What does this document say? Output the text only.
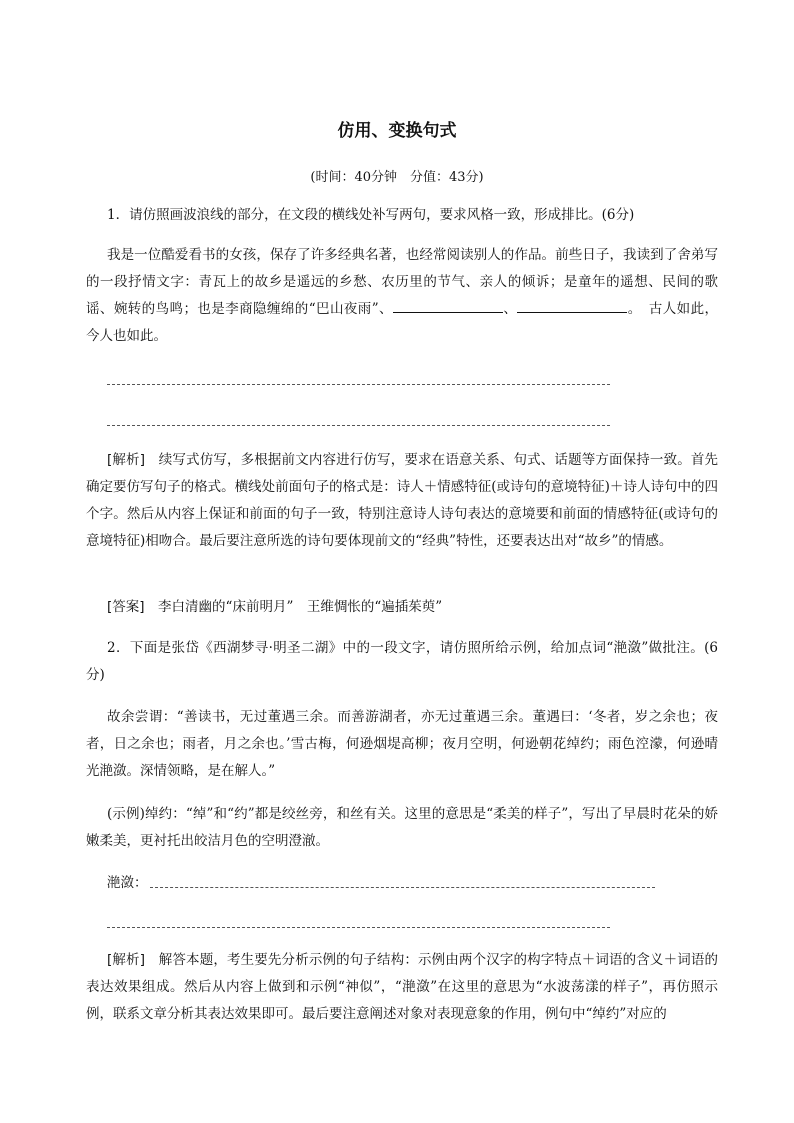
仿用、变换句式
(时间：40分钟　分值：43分)
1．请仿照画波浪线的部分，在文段的横线处补写两句，要求风格一致，形成排比。(6分)
我是一位酷爱看书的女孩，保存了许多经典名著，也经常阅读别人的作品。前些日子，我读到了舍弟写的一段抒情文字：青瓦上的故乡是遥远的乡愁、农历里的节气、亲人的倾诉；是童年的遥想、民间的歌谣、婉转的鸟鸣；也是李商隐缠绵的“巴山夜雨”、	、	。　古人如此，今人也如此。
[解析]　 续写式仿写，多根据前文内容进行仿写，要求在语意关系、句式、话题等方面保持一致。首先确定要仿写句子的格式。横线处前面句子的格式是：诗人＋情感特征(或诗句的意境特征)＋诗人诗句中的四个字。然后从内容上保证和前面的句子一致，特别注意诗人诗句表达的意境要和前面的情感特征(或诗句的意境特征)相吻合。最后要注意所选的诗句要体现前文的“经典”特性，还要表达出对“故乡”的情感。
[答案]　 李白清幽的“床前明月”　王维惆怅的“遍插茱萸”
2．下面是张岱《西湖梦寻·明圣二湖》中的一段文字，请仿照所给示例，给加点词“滟潋”做批注。(6分)
故余尝谓：“善读书，无过董遇三余。而善游湖者，亦无过董遇三余。董遇曰：‘冬者，岁之余也；夜者，日之余也；雨者，月之余也。’雪古梅，何逊烟堤高柳；夜月空明，何逊朝花绰约；雨色涳濛，何逊晴光滟潋。深情领略，是在解人。”
(示例)绰约：“绰”和“约”都是绞丝旁，和丝有关。这里的意思是“柔美的样子”，写出了早晨时花朵的娇嫩柔美，更衬托出皎洁月色的空明澄澈。
滟潋：
[解析]　 解答本题，考生要先分析示例的句子结构：示例由两个汉字的构字特点＋词语的含义＋词语的表达效果组成。然后从内容上做到和示例“神似”，“滟潋”在这里的意思为“水波荡漾的样子”，再仿照示例，联系文章分析其表达效果即可。最后要注意阐述对象对表现意象的作用，例句中“绰约”对应的
